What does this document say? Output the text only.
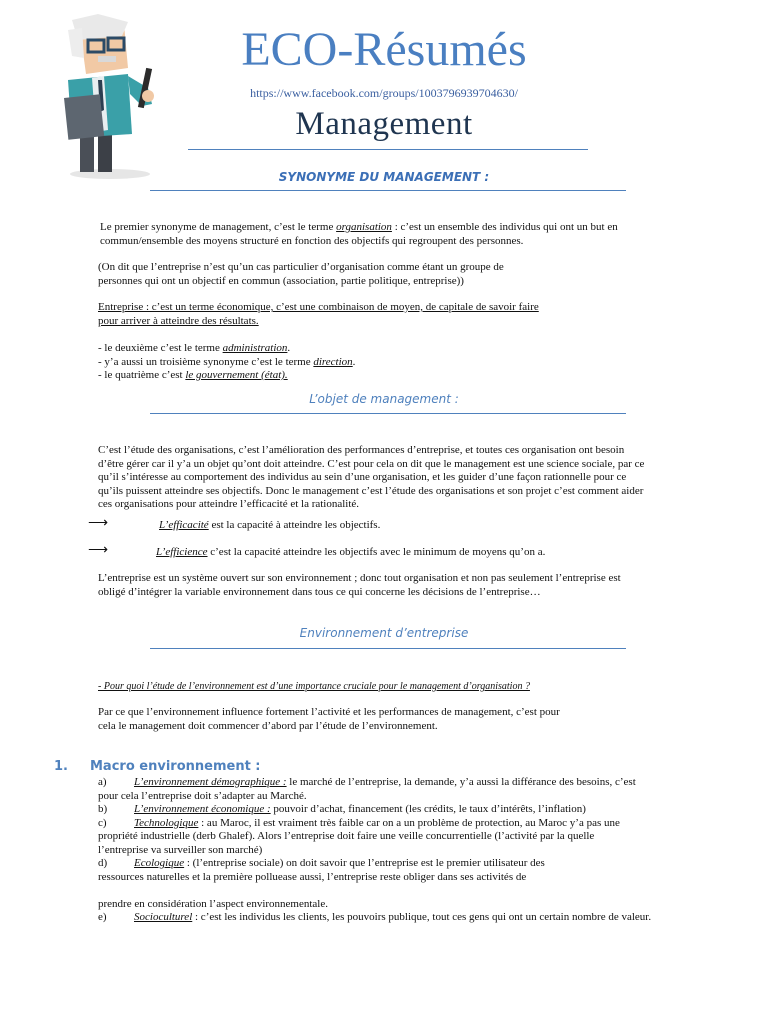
ECO-Résumés
https://www.facebook.com/groups/1003796939704630/
Management
SYNONYME DU MANAGEMENT :
Le premier synonyme de management, c’est le terme organisation : c’est un ensemble des individus qui ont un but en
commun/ensemble des moyens structuré en fonction des objectifs qui regroupent des personnes.
(On dit que l’entreprise n’est qu’un cas particulier d’organisation comme étant un groupe de
personnes qui ont un objectif en commun (association, partie politique, entreprise))
Entreprise : c’est un terme économique, c’est une combinaison de moyen, de capitale de savoir faire
pour arriver à atteindre des résultats.
- le deuxième c’est le terme administration.
- y’a aussi un troisième synonyme c’est le terme direction.
- le quatrième c’est le gouvernement (état).
L’objet de management :
C’est l’étude des organisations, c’est l’amélioration des performances d’entreprise, et toutes ces organisation ont besoin
d’être gérer car il y’a un objet qu’ont doit atteindre. C’est pour cela on dit que le management est une science sociale, par ce
qu’il s’intéresse au comportement des individus au sein d’une organisation, et les guider d’une façon rationnelle pour ce
qu’ils puissent atteindre ses objectifs. Donc le management c’est l’étude des organisations et son projet c’est comment aider
ces organisations pour atteindre l’efficacité et la rationalité.
⟶	L’efficacité est la capacité à atteindre les objectifs.
⟶	L’efficience c’est la capacité atteindre les objectifs avec le minimum de moyens qu’on a.
L’entreprise est un système ouvert sur son environnement ; donc tout organisation et non pas seulement l’entreprise est
obligé d’intégrer la variable environnement dans tous ce qui concerne les décisions de l’entreprise…
Environnement d’entreprise
- Pour quoi l’étude de l’environnement est d’une importance cruciale pour le management d’organisation ?
Par ce que l’environnement influence fortement l’activité et les performances de management, c’est pour
cela le management doit commencer d’abord par l’étude de l’environnement.
1. Macro environnement :
a) L’environnement démographique : le marché de l’entreprise, la demande, y’a aussi la différance des besoins, c’est
pour cela l’entreprise doit s’adapter au Marché.
b) L’environnement économique : pouvoir d’achat, financement (les crédits, le taux d’intérêts, l’inflation)
c) Technologique : au Maroc, il est vraiment très faible car on a un problème de protection, au Maroc y’a pas une
propriété industrielle (derb Ghalef). Alors l’entreprise doit faire une veille concurrentielle (l’activité par la quelle
l’entreprise va surveiller son marché)
d) Ecologique : (l’entreprise sociale) on doit savoir que l’entreprise est le premier utilisateur des
ressources naturelles et la première polluease aussi, l’entreprise reste obliger dans ses activités de
prendre en considération l’aspect environnementale.
e) Socioculturel : c’est les individus les clients, les pouvoirs publique, tout ces gens qui ont un certain nombre de valeur.
